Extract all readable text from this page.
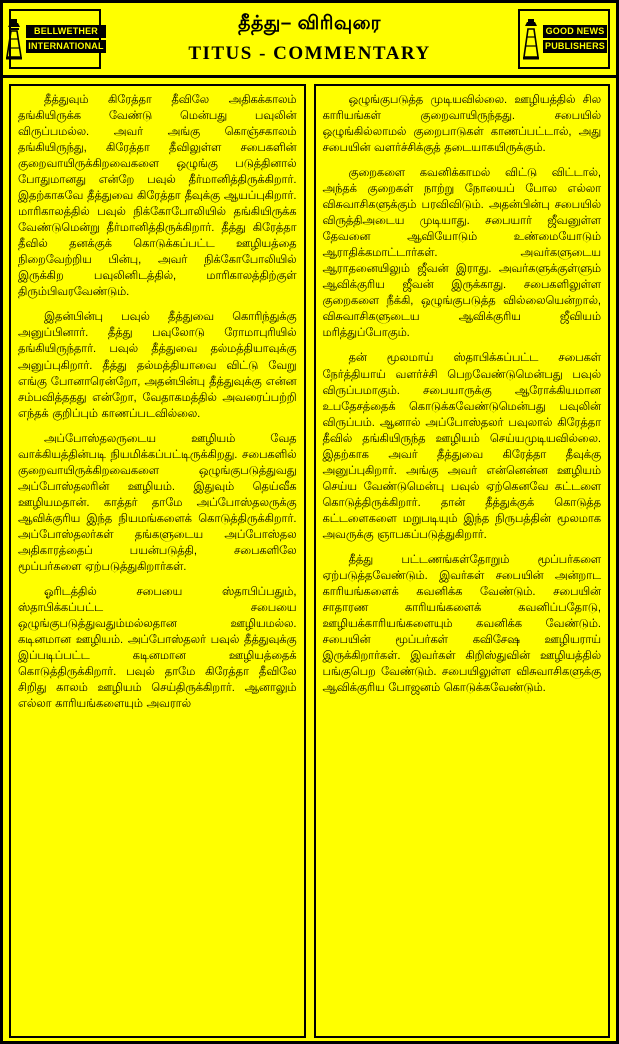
BELLWETHER
INTERNATIONAL
தீத்து– விரிவுரை
TITUS - COMMENTARY
GOOD NEWS
PUBLISHERS

தீத்துவும் கிரேத்தா தீவிலே அதிகக்காலம் தங்கியிருக்க வேண்டு மென்பது பவுலின் விருப்பமல்ல. அவர் அங்கு கொஞ்சகாலம் தங்கியிருந்து, கிரேத்தா தீவிலுள்ள சபைகளின் குறைவாயிருக்கிறவைகளை ஒழுங்கு படுத்தினால் போதுமானது என்றே பவுல் தீர்மானித்திருக்கிறார். இதற்காகவே தீத்துவை கிரேத்தா தீவுக்கு ஆயப்புகிறார். மாரிகாலத்தில் பவுல் நிக்கோபோலியில் தங்கியிருக்க வேண்டுமென்று தீர்மானித்திருக்கிறார். தீத்து கிரேத்தா தீவில் தனக்குக் கொடுக்கப்பட்ட ஊழியத்தை நிறைவேற்றிய பின்பு, அவர் நிக்கோபோலியில் இருக்கிற பவுலினிடத்தில், மாரிகாலத்திற்குள் திரும்பிவரவேண்டும்.

இதன்பின்பு பவுல் தீத்துவை கொரிந்துக்கு அனுப்பினார். தீத்து பவுலோடு ரோமாபுரியில் தங்கியிருந்தார். பவுல் தீத்துவை தல்மத்தியாவுக்கு அனுப்புகிறார். தீத்து தல்மத்தியாவை விட்டு வேறு எங்கு போனாரென்றோ, அதன்பின்பு தீத்துவுக்கு என்ன சம்பவித்ததது என்றோ, வேதாகமத்தில் அவரைப்பற்றி எந்தக் குறிப்பும் காணப்படவில்லை.

அப்போஸ்தலருடைய ஊழியம் வேத வாக்கியத்தின்படி நியமிக்கப்பட்டிருக்கிறது. சபைகளில் குறைவாயிருக்கிறவைகளை ஒழுங்குபடுத்துவது அப்போஸ்தலரின் ஊழியம். இதுவும் தெய்வீக ஊழியமதான். காத்தர் தாமே அப்போஸ்தலருக்கு ஆவிக்குரிய இந்த நியமங்களைக் கொடுத்திருக்கிறார். அப்போஸ்தலர்கள் தங்களுடைய அப்போஸ்தல அதிகாரத்தைப் பயன்படுத்தி, சபைகளிலே மூப்பர்களை ஏற்படுத்துகிறார்கள்.

ஓரிடத்தில் சபையை ஸ்தாபிப்பதும், ஸ்தாபிக்கப்பட்ட சபையை ஒழுங்குபடுத்துவதும்மல்லதான ஊழியமல்ல. கடினமான ஊழியம். அப்போஸ்தலர் பவுல் தீத்துவுக்கு இப்படிப்பட்ட கடினமான ஊழியத்தைக் கொடுத்திருக்கிறார். பவுல் தாமே கிரேத்தா தீவிலே சிறிது காலம் ஊழியம் செய்திருக்கிறார். ஆனாலும் எல்லா காரியங்களையும் அவரால்

ஒழுங்குபடுத்த முடியவில்லை. ஊழியத்தில் சில காரியங்கள் குறைவாயிருந்தது. சபையில் ஒழுங்கில்லாமல் குறைபாடுகள் காணப்பட்டால், அது சபையின் வளர்ச்சிக்குத் தடையாகயிருக்கும்.

குறைகளை கவனிக்காமல் விட்டு விட்டால், அந்தக் குறைகள் நாற்று நோயைப் போல எல்லா விசுவாசிகளுக்கும் பரவிவிடும். அதன்பின்பு சபையில் விருத்திஅடைய முடியாது. சபையார் ஜீவனுள்ள தேவனை ஆவியோடும் உண்மையோடும் ஆராதிக்கமாட்டார்கள். அவர்களுடைய ஆராதனையிலும் ஜீவன் இராது. அவர்களுக்குள்ளும் ஆவிக்குரிய ஜீவன் இருக்காது. சபைகளிலுள்ள குறைகளை நீக்கி, ஒழுங்குபடுத்த வில்லையென்றால், விசுவாசிகளுடைய ஆவிக்குரிய ஜீவியம் மரித்துப்போகும்.

தன் மூலமாய் ஸ்தாபிக்கப்பட்ட சபைகள் நேர்த்தியாய் வளர்ச்சி பெறவேண்டுமென்பது பவுல் விருப்பமாகும். சபையாருக்கு ஆரோக்கியமான உபதேசத்தைக் கொடுக்கவேண்டுமென்பது பவுலின் விருப்பம். ஆனால் அப்போஸ்தலர் பவுலால் கிரேத்தா தீவில் தங்கியிருந்த ஊழியம் செய்யமுடியவில்லை. இதற்காக அவர் தீத்துவை கிரேத்தா தீவுக்கு அனுப்புகிறார். அங்கு அவர் என்னென்ன ஊழியம் செய்ய வேண்டுமென்பு பவுல் ஏற்கெனவே கட்டளை கொடுத்திருக்கிறார். தான் தீத்துக்குக் கொடுத்த கட்டளைகளை மறுபடியும் இந்த நிருபத்தின் மூலமாக அவருக்கு ஞாபகப்படுத்துகிறார்.

தீத்து பட்டணங்கள்தோறும் மூப்பர்களை ஏற்படுத்தவேண்டும். இவர்கள் சபையின் அன்றாட காரியங்களைக் கவனிக்க வேண்டும். சபையின் சாதாரண காரியங்களைக் கவனிப்பதோடு, ஊழியக்காரியங்களையும் கவனிக்க வேண்டும். சபையின் மூப்பர்கள் கவிசேஷ ஊழியராய் இருக்கிறார்கள். இவர்கள் கிறிஸ்துவின் ஊழியத்தில் பங்குபெற வேண்டும். சபையிலுள்ள விசுவாசிகளுக்கு ஆவிக்குரிய போஜனம் கொடுக்கவேண்டும்.
